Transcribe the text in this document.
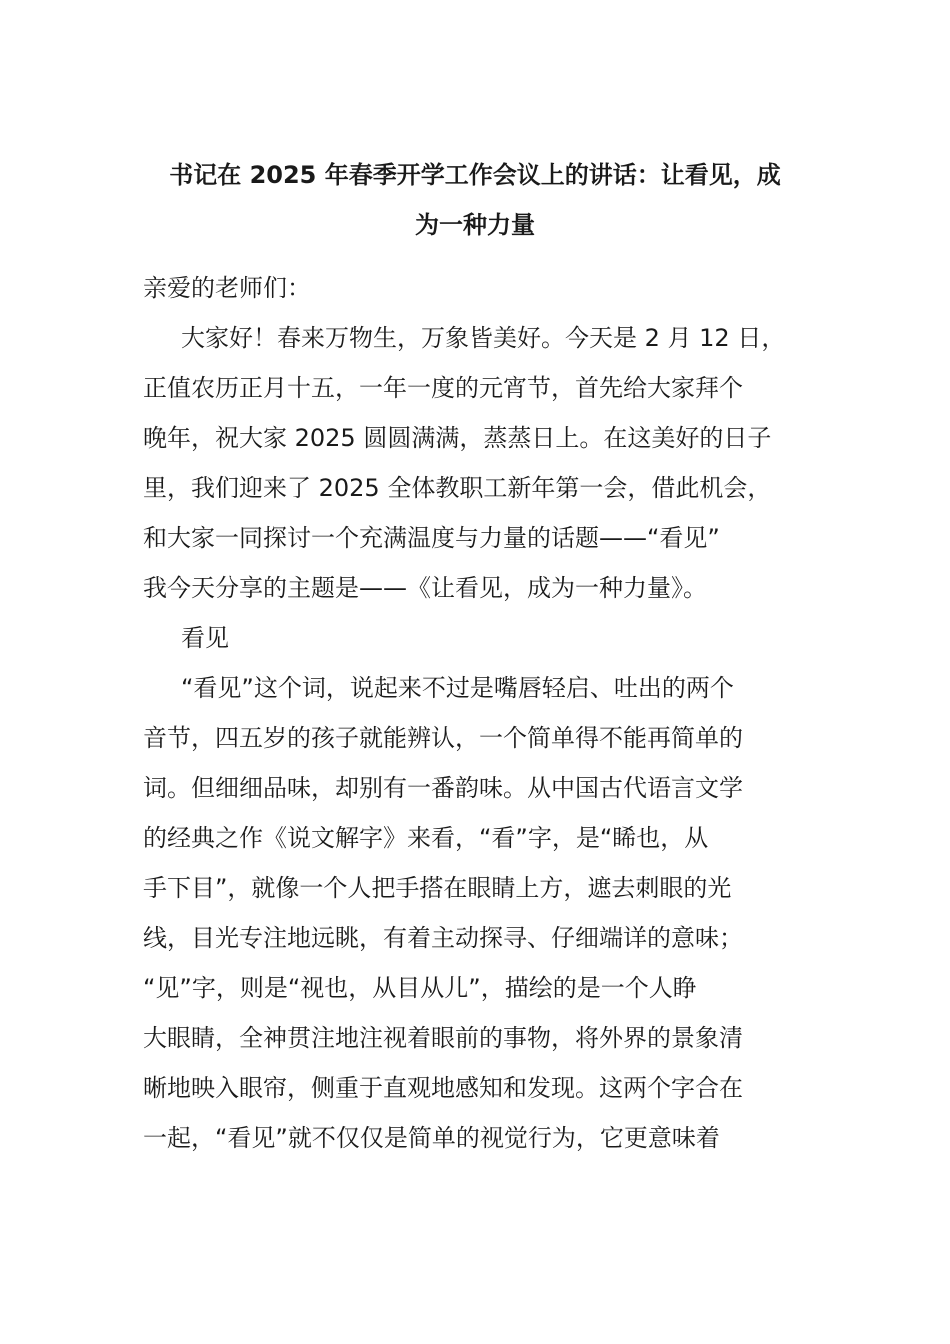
书记在 2025 年春季开学工作会议上的讲话：让看见，成
为一种力量
亲爱的老师们：
大家好！春来万物生，万象皆美好。今天是 2 月 12 日，
正值农历正月十五，一年一度的元宵节，首先给大家拜个
晚年，祝大家 2025 圆圆满满，蒸蒸日上。在这美好的日子
里，我们迎来了 2025 全体教职工新年第一会，借此机会，
和大家一同探讨一个充满温度与力量的话题——“看见”
我今天分享的主题是——《让看见，成为一种力量》。
看见
“看见”这个词，说起来不过是嘴唇轻启、吐出的两个
音节，四五岁的孩子就能辨认，一个简单得不能再简单的
词。但细细品味，却别有一番韵味。从中国古代语言文学
的经典之作《说文解字》来看，“看”字，是“睎也，从
手下目”，就像一个人把手搭在眼睛上方，遮去刺眼的光
线，目光专注地远眺，有着主动探寻、仔细端详的意味；
“见”字，则是“视也，从目从儿”，描绘的是一个人睁
大眼睛，全神贯注地注视着眼前的事物，将外界的景象清
晰地映入眼帘，侧重于直观地感知和发现。这两个字合在
一起，“看见”就不仅仅是简单的视觉行为，它更意味着
